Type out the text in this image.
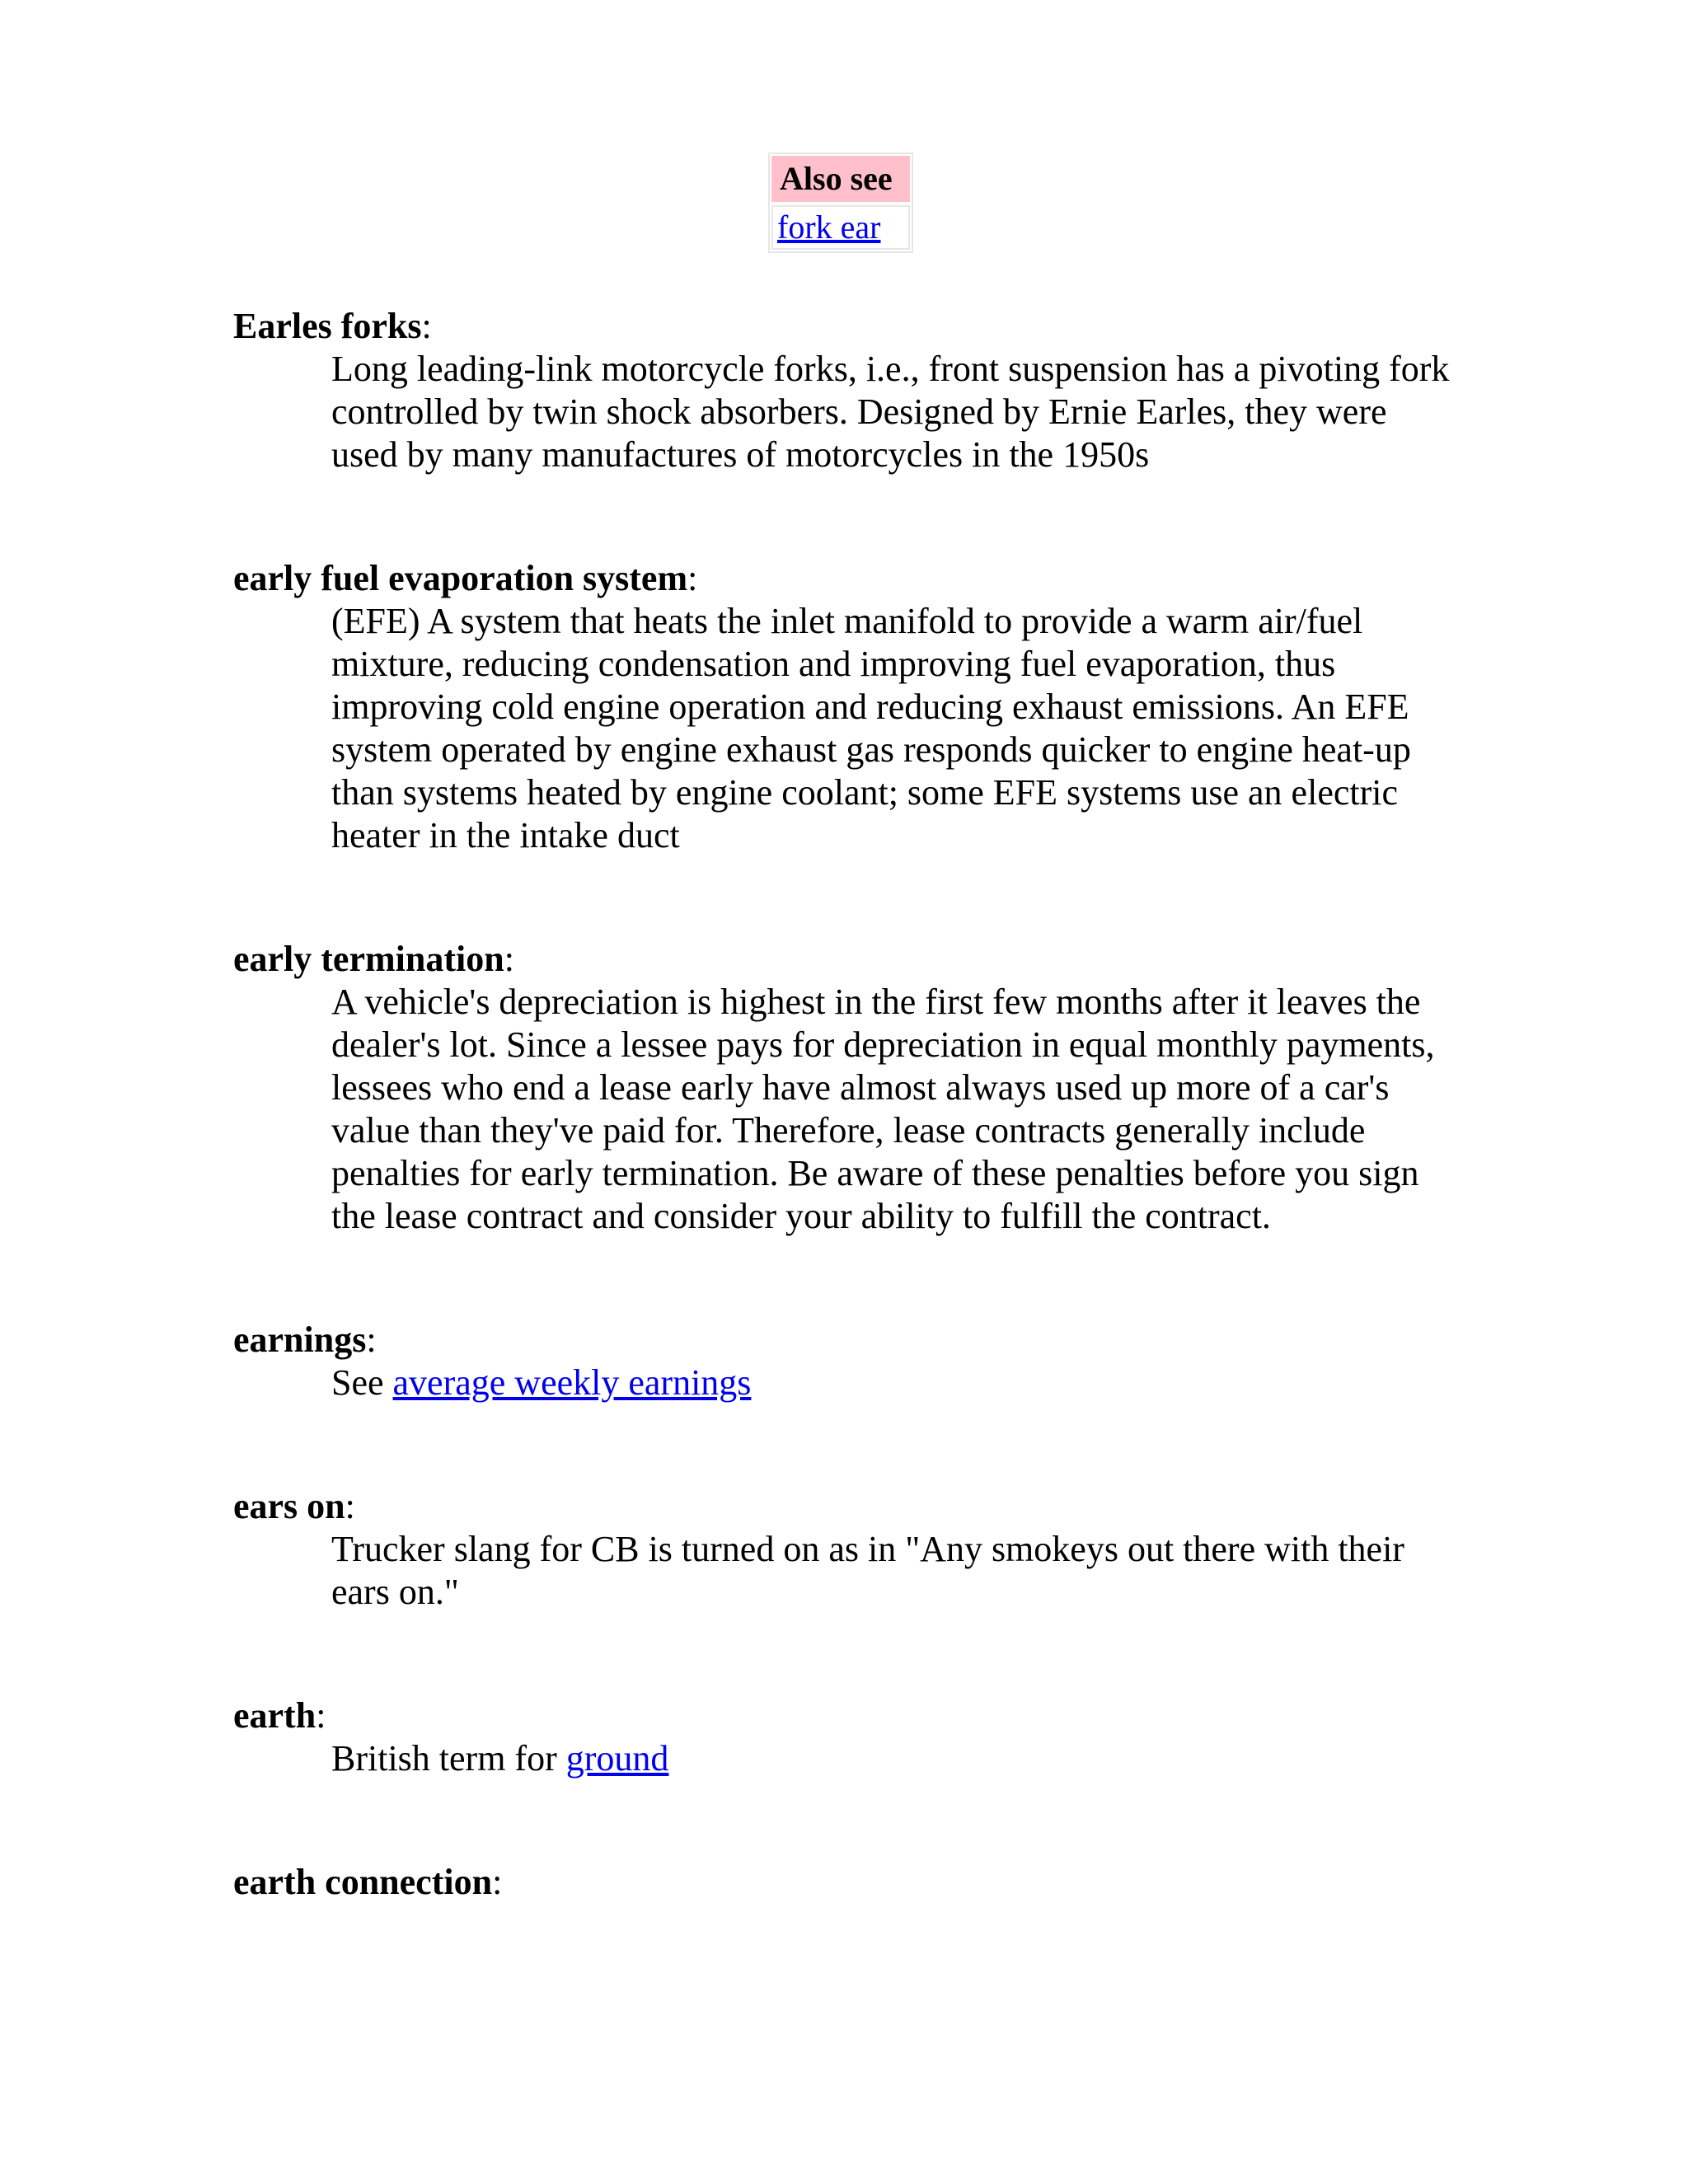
Also see
fork ear
Earles forks:
Long leading-link motorcycle forks, i.e., front suspension has a pivoting fork controlled by twin shock absorbers. Designed by Ernie Earles, they were used by many manufactures of motorcycles in the 1950s
early fuel evaporation system:
(EFE) A system that heats the inlet manifold to provide a warm air/fuel mixture, reducing condensation and improving fuel evaporation, thus improving cold engine operation and reducing exhaust emissions. An EFE system operated by engine exhaust gas responds quicker to engine heat-up than systems heated by engine coolant; some EFE systems use an electric heater in the intake duct
early termination:
A vehicle's depreciation is highest in the first few months after it leaves the dealer's lot. Since a lessee pays for depreciation in equal monthly payments, lessees who end a lease early have almost always used up more of a car's value than they've paid for. Therefore, lease contracts generally include penalties for early termination. Be aware of these penalties before you sign the lease contract and consider your ability to fulfill the contract.
earnings:
See average weekly earnings
ears on:
Trucker slang for CB is turned on as in "Any smokeys out there with their ears on."
earth:
British term for ground
earth connection:
